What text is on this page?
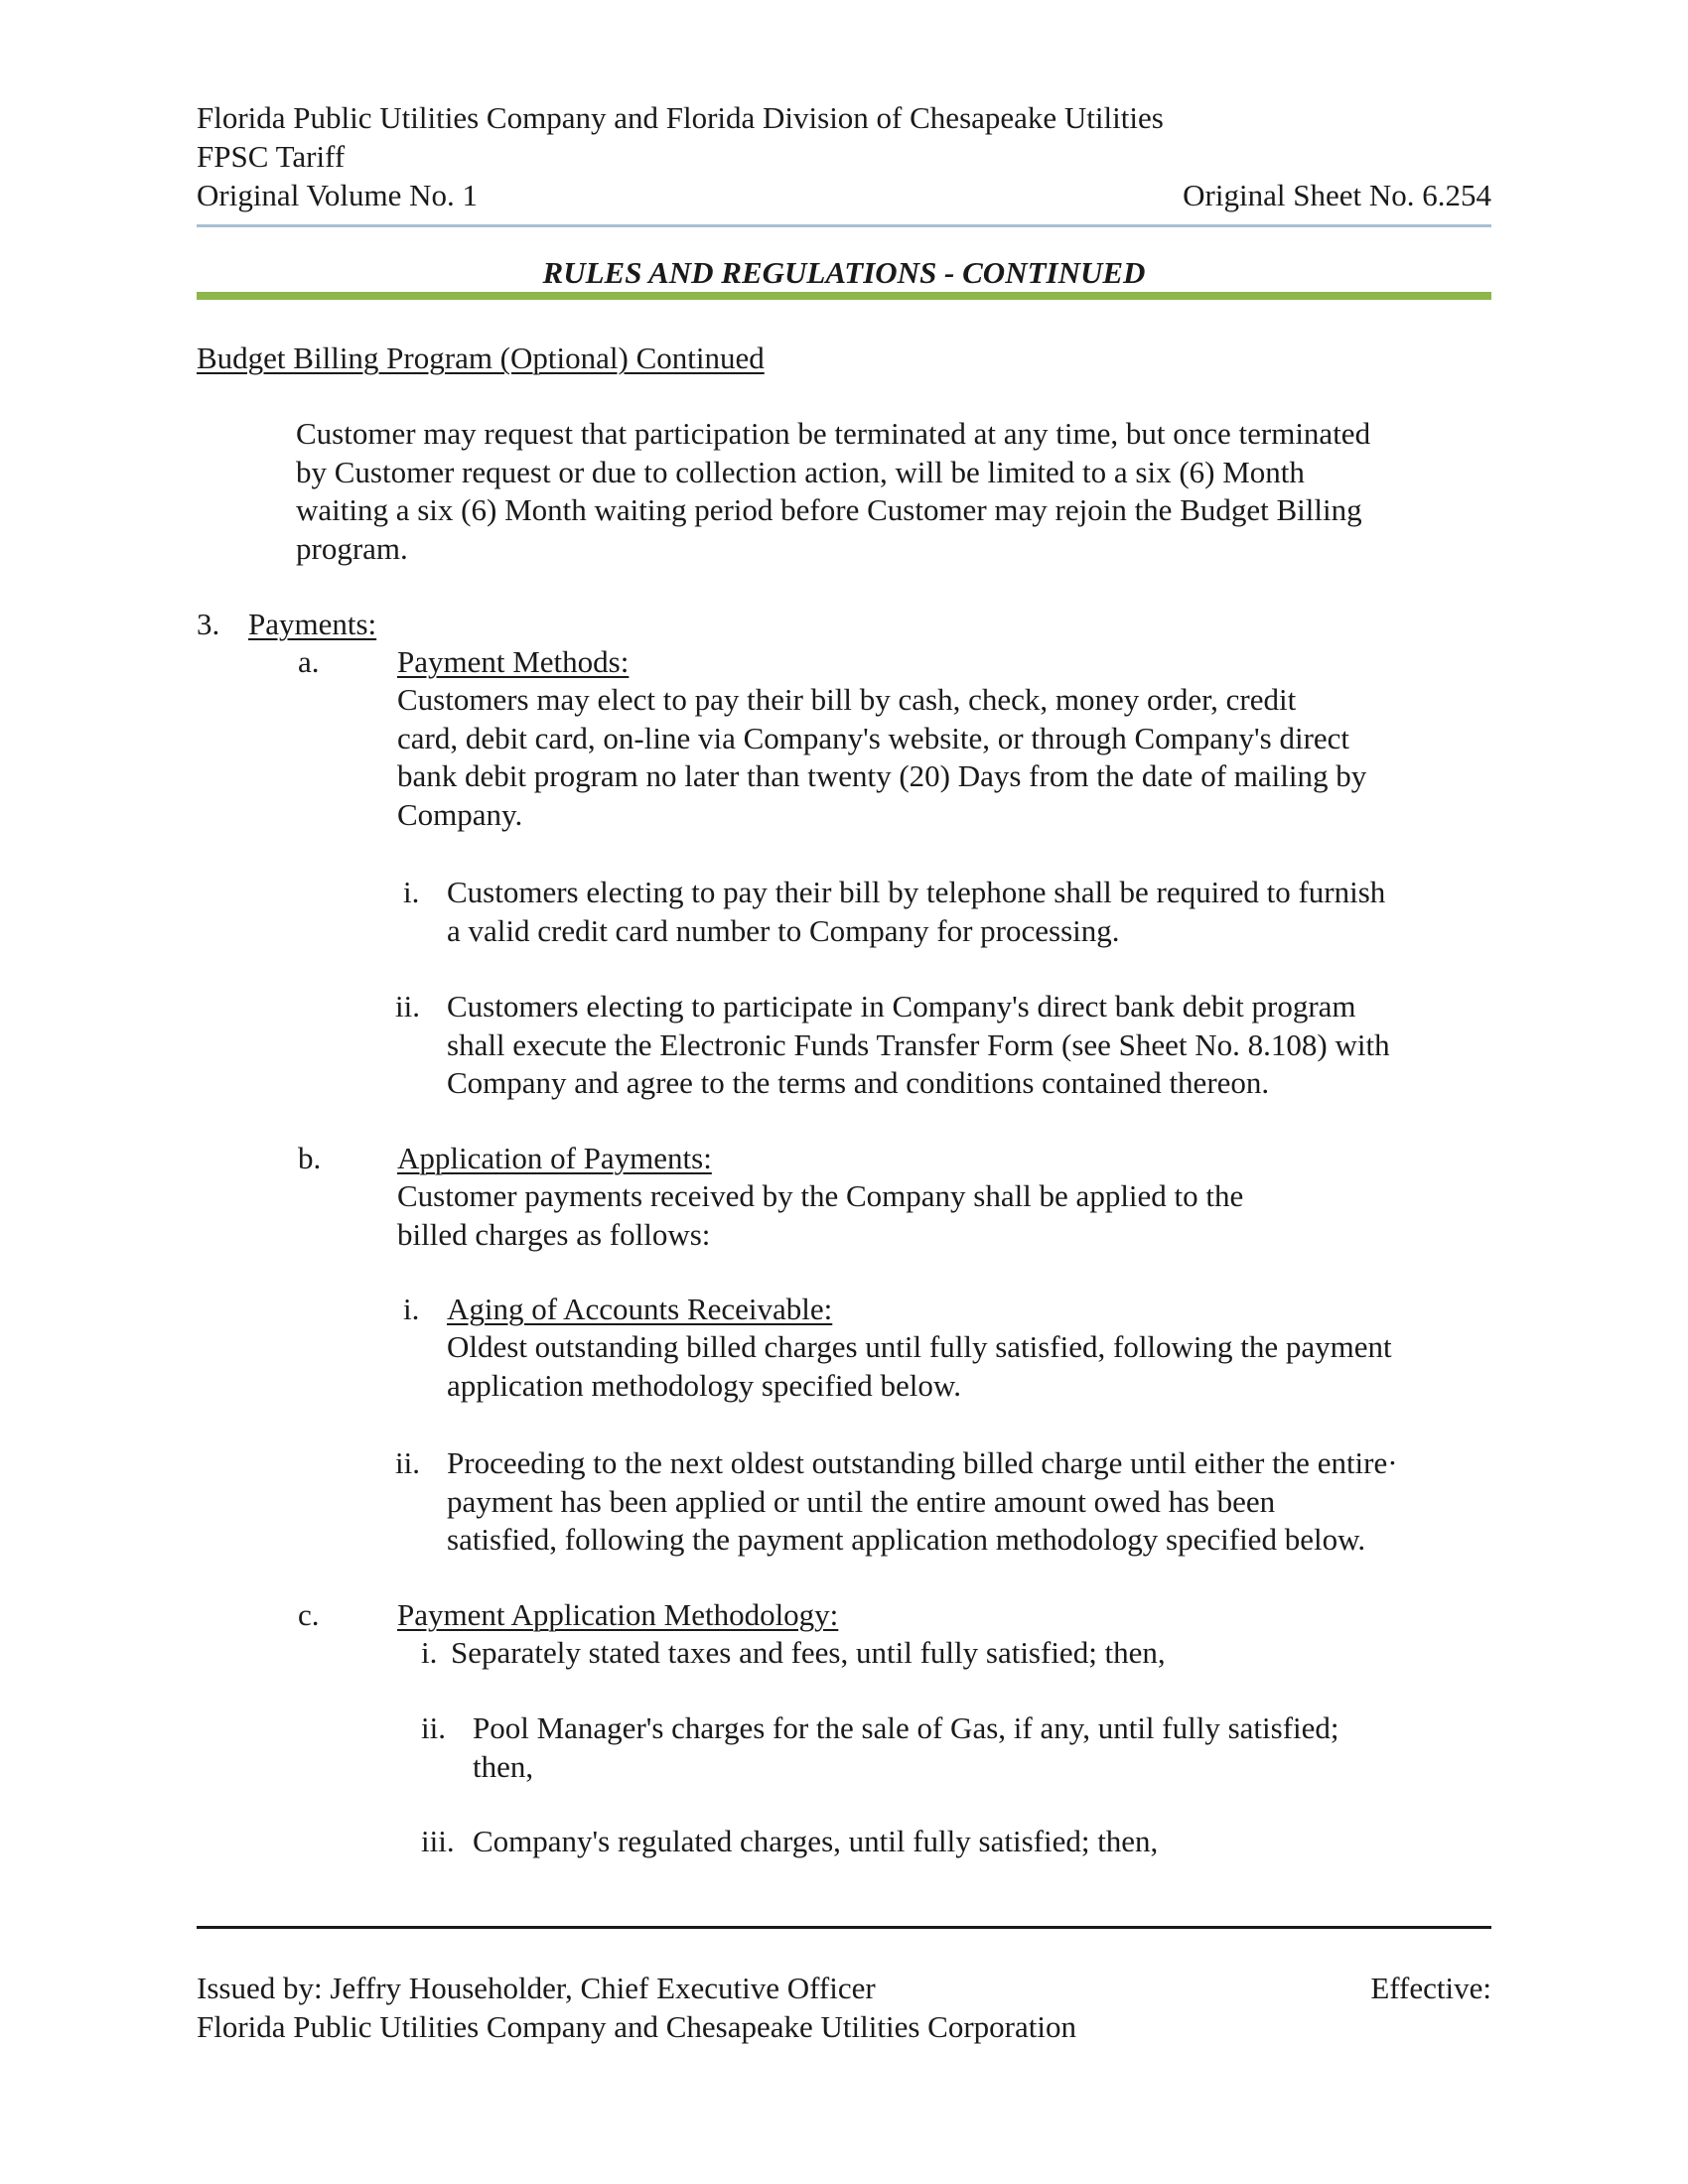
Florida Public Utilities Company and Florida Division of Chesapeake Utilities
FPSC Tariff
Original Volume No. 1	Original Sheet No. 6.254
RULES AND REGULATIONS - CONTINUED
Budget Billing Program (Optional) Continued
Customer may request that participation be terminated at any time, but once terminated
by Customer request or due to collection action, will be limited to a six (6) Month
waiting a six (6) Month waiting period before Customer may rejoin the Budget Billing
program.
3. Payments:
a.	Payment Methods:
Customers may elect to pay their bill by cash, check, money order, credit
card, debit card, on-line via Company's website, or through Company's direct
bank debit program no later than twenty (20) Days from the date of mailing by
Company.
i. Customers electing to pay their bill by telephone shall be required to furnish
a valid credit card number to Company for processing.
ii. Customers electing to participate in Company's direct bank debit program
shall execute the Electronic Funds Transfer Form (see Sheet No. 8.108) with
Company and agree to the terms and conditions contained thereon.
b. Application of Payments:
Customer payments received by the Company shall be applied to the
billed charges as follows:
i. Aging of Accounts Receivable:
Oldest outstanding billed charges until fully satisfied, following the payment
application methodology specified below.
ii. Proceeding to the next oldest outstanding billed charge until either the entire·
payment has been applied or until the entire amount owed has been
satisfied, following the payment application methodology specified below.
c.	Payment Application Methodology:
i. Separately stated taxes and fees, until fully satisfied; then,
ii. Pool Manager's charges for the sale of Gas, if any, until fully satisfied;
then,
iii. Company's regulated charges, until fully satisfied; then,
Issued by: Jeffry Householder, Chief Executive Officer	Effective:
Florida Public Utilities Company and Chesapeake Utilities Corporation
